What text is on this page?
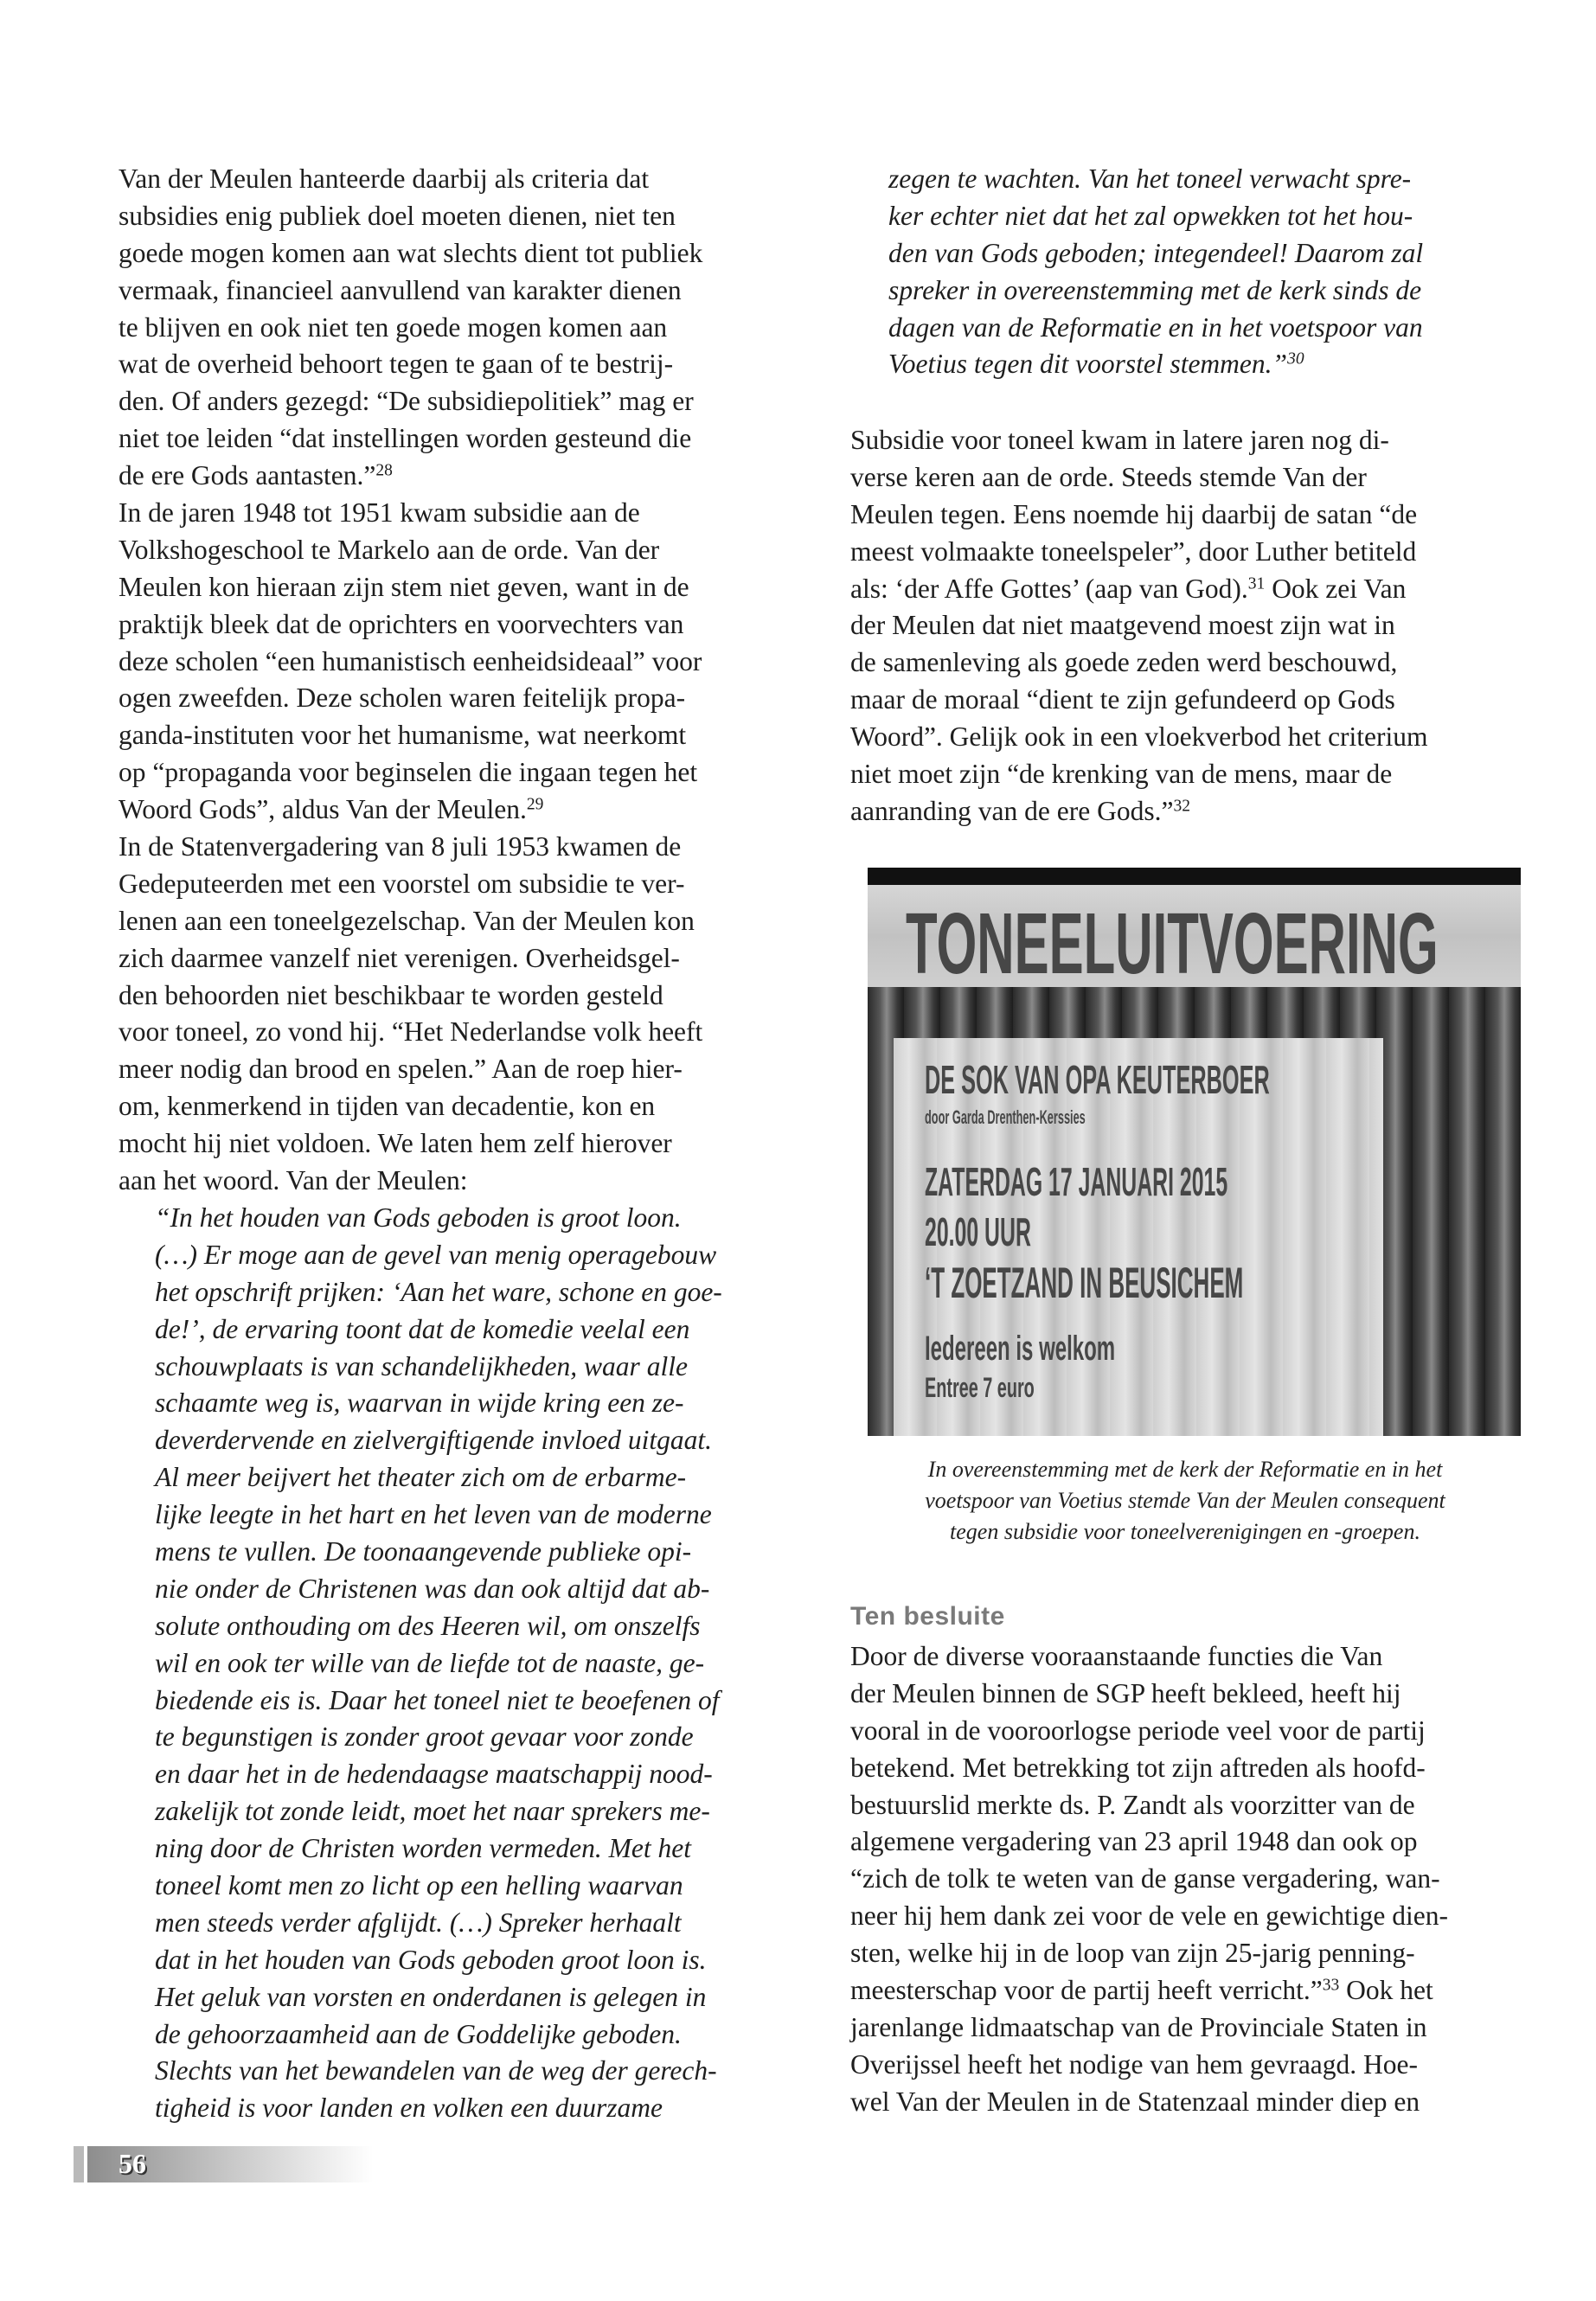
Van der Meulen hanteerde daarbij als criteria dat
subsidies enig publiek doel moeten dienen, niet ten
goede mogen komen aan wat slechts dient tot publiek
vermaak, financieel aanvullend van karakter dienen
te blijven en ook niet ten goede mogen komen aan
wat de overheid behoort tegen te gaan of te bestrij-
den. Of anders gezegd: “De subsidiepolitiek” mag er
niet toe leiden “dat instellingen worden gesteund die
de ere Gods aantasten.”$^{28}$
In de jaren 1948 tot 1951 kwam subsidie aan de
Volkshogeschool te Markelo aan de orde. Van der
Meulen kon hieraan zijn stem niet geven, want in de
praktijk bleek dat de oprichters en voorvechters van
deze scholen “een humanistisch eenheidsideaal” voor
ogen zweefden. Deze scholen waren feitelijk propa-
ganda-instituten voor het humanisme, wat neerkomt
op “propaganda voor beginselen die ingaan tegen het
Woord Gods”, aldus Van der Meulen.$^{29}$
In de Statenvergadering van 8 juli 1953 kwamen de
Gedeputeerden met een voorstel om subsidie te ver-
lenen aan een toneelgezelschap. Van der Meulen kon
zich daarmee vanzelf niet verenigen. Overheidsgel-
den behoorden niet beschikbaar te worden gesteld
voor toneel, zo vond hij. “Het Nederlandse volk heeft
meer nodig dan brood en spelen.” Aan de roep hier-
om, kenmerkend in tijden van decadentie, kon en
mocht hij niet voldoen. We laten hem zelf hierover
aan het woord. Van der Meulen:
“In het houden van Gods geboden is groot loon.
(…) Er moge aan de gevel van menig operagebouw
het opschrift prijken: ‘Aan het ware, schone en goe-
de!’, de ervaring toont dat de komedie veelal een
schouwplaats is van schandelijkheden, waar alle
schaamte weg is, waarvan in wijde kring een ze-
deverdervende en zielvergiftigende invloed uitgaat.
Al meer beijvert het theater zich om de erbarme-
lijke leegte in het hart en het leven van de moderne
mens te vullen. De toonaangevende publieke opi-
nie onder de Christenen was dan ook altijd dat ab-
solute onthouding om des Heeren wil, om onszelfs
wil en ook ter wille van de liefde tot de naaste, ge-
biedende eis is. Daar het toneel niet te beoefenen of
te begunstigen is zonder groot gevaar voor zonde
en daar het in de hedendaagse maatschappij nood-
zakelijk tot zonde leidt, moet het naar sprekers me-
ning door de Christen worden vermeden. Met het
toneel komt men zo licht op een helling waarvan
men steeds verder afglijdt. (…) Spreker herhaalt
dat in het houden van Gods geboden groot loon is.
Het geluk van vorsten en onderdanen is gelegen in
de gehoorzaamheid aan de Goddelijke geboden.
Slechts van het bewandelen van de weg der gerech-
tigheid is voor landen en volken een duurzame
zegen te wachten. Van het toneel verwacht spre-
ker echter niet dat het zal opwekken tot het hou-
den van Gods geboden; integendeel! Daarom zal
spreker in overeenstemming met de kerk sinds de
dagen van de Reformatie en in het voetspoor van
Voetius tegen dit voorstel stemmen.”$^{30}$
Subsidie voor toneel kwam in latere jaren nog di-
verse keren aan de orde. Steeds stemde Van der
Meulen tegen. Eens noemde hij daarbij de satan “de
meest volmaakte toneelspeler”, door Luther betiteld
als: ‘der Affe Gottes’ (aap van God).$^{31}$ Ook zei Van
der Meulen dat niet maatgevend moest zijn wat in
de samenleving als goede zeden werd beschouwd,
maar de moraal “dient te zijn gefundeerd op Gods
Woord”. Gelijk ook in een vloekverbod het criterium
niet moet zijn “de krenking van de mens, maar de
aanranding van de ere Gods.”$^{32}$
TONEELUITVOERING
DE SOK VAN OPA KEUTERBOER
door Garda Drenthen-Kerssies
ZATERDAG 17 JANUARI 2015
20.00 UUR
‘T ZOETZAND IN BEUSICHEM
Iedereen is welkom
Entree 7 euro
In overeenstemming met de kerk der Reformatie en in het
voetspoor van Voetius stemde Van der Meulen consequent
tegen subsidie voor toneelverenigingen en -groepen.
Ten besluite
Door de diverse vooraanstaande functies die Van
der Meulen binnen de SGP heeft bekleed, heeft hij
vooral in de vooroorlogse periode veel voor de partij
betekend. Met betrekking tot zijn aftreden als hoofd-
bestuurslid merkte ds. P. Zandt als voorzitter van de
algemene vergadering van 23 april 1948 dan ook op
“zich de tolk te weten van de ganse vergadering, wan-
neer hij hem dank zei voor de vele en gewichtige dien-
sten, welke hij in de loop van zijn 25-jarig penning-
meesterschap voor de partij heeft verricht.”$^{33}$ Ook het
jarenlange lidmaatschap van de Provinciale Staten in
Overijssel heeft het nodige van hem gevraagd. Hoe-
wel Van der Meulen in de Statenzaal minder diep en
56
